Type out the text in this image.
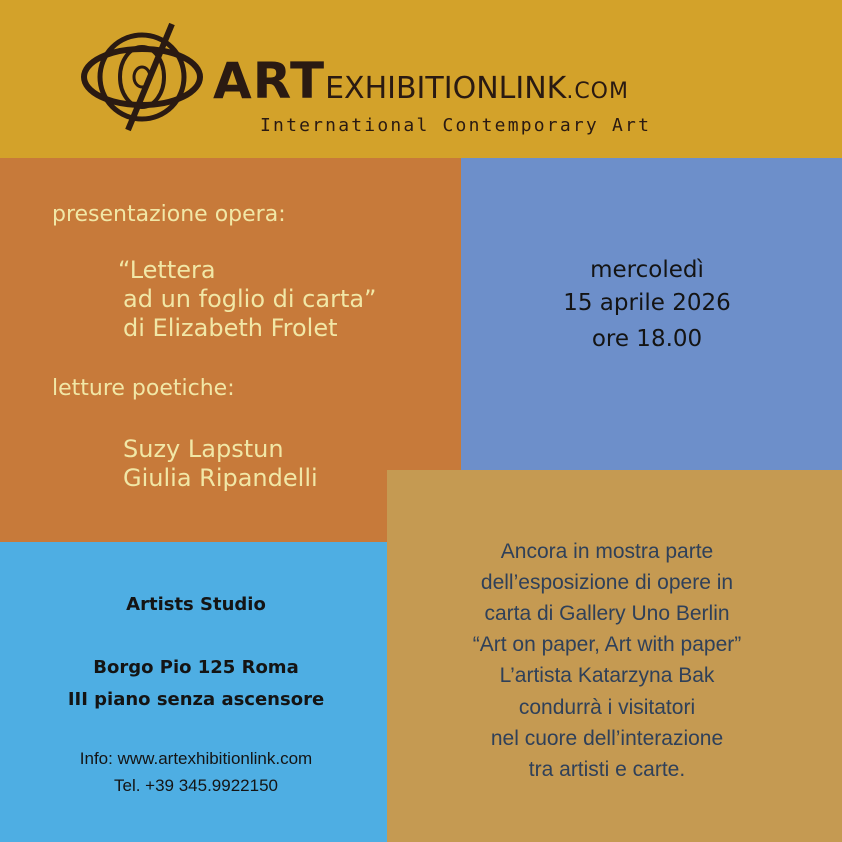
ARTEXHIBITIONLINK.COM
International Contemporary Art
presentazione opera:
“Lettera
ad un foglio di carta”
di Elizabeth Frolet
letture poetiche:
Suzy Lapstun
Giulia Ripandelli
mercoledì
15 aprile 2026
ore 18.00
Artists Studio
Borgo Pio 125 Roma
III piano senza ascensore
Info: www.artexhibitionlink.com
Tel. +39 345.9922150
Ancora in mostra parte
dell’esposizione di opere in
carta di Gallery Uno Berlin
“Art on paper, Art with paper”
L’artista Katarzyna Bak
condurrà i visitatori
nel cuore dell’interazione
tra artisti e carte.
